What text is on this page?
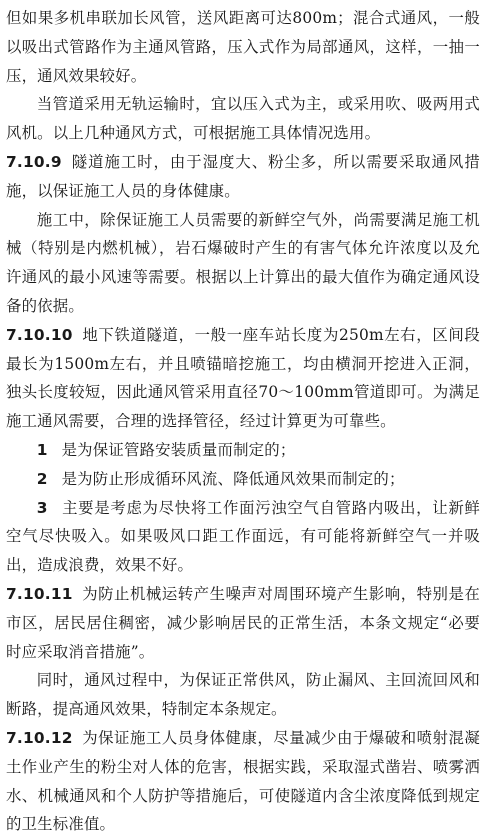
但如果多机串联加长风管，送风距离可达800m；混合式通风，一般以吸出式管路作为主通风管路，压入式作为局部通风，这样，一抽一压，通风效果较好。

当管道采用无轨运输时，宜以压入式为主，或采用吹、吸两用式风机。以上几种通风方式，可根据施工具体情况选用。

7.10.9 隧道施工时，由于湿度大、粉尘多，所以需要采取通风措施，以保证施工人员的身体健康。

施工中，除保证施工人员需要的新鲜空气外，尚需要满足施工机械（特别是内燃机械），岩石爆破时产生的有害气体允许浓度以及允许通风的最小风速等需要。根据以上计算出的最大值作为确定通风设备的依据。

7.10.10 地下铁道隧道，一般一座车站长度为250m左右，区间段最长为1500m左右，并且喷锚暗挖施工，均由横洞开挖进入正洞，独头长度较短，因此通风管采用直径70～100mm管道即可。为满足施工通风需要，合理的选择管径，经过计算更为可靠些。

1 是为保证管路安装质量而制定的；

2 是为防止形成循环风流、降低通风效果而制定的；

3 主要是考虑为尽快将工作面污浊空气自管路内吸出，让新鲜空气尽快吸入。如果吸风口距工作面远，有可能将新鲜空气一并吸出，造成浪费，效果不好。

7.10.11 为防止机械运转产生噪声对周围环境产生影响，特别是在市区，居民居住稠密，减少影响居民的正常生活，本条文规定“必要时应采取消音措施”。

同时，通风过程中，为保证正常供风，防止漏风、主回流回风和断路，提高通风效果，特制定本条规定。

7.10.12 为保证施工人员身体健康，尽量减少由于爆破和喷射混凝土作业产生的粉尘对人体的危害，根据实践，采取湿式凿岩、喷雾洒水、机械通风和个人防护等措施后，可使隧道内含尘浓度降低到规定的卫生标准值。
